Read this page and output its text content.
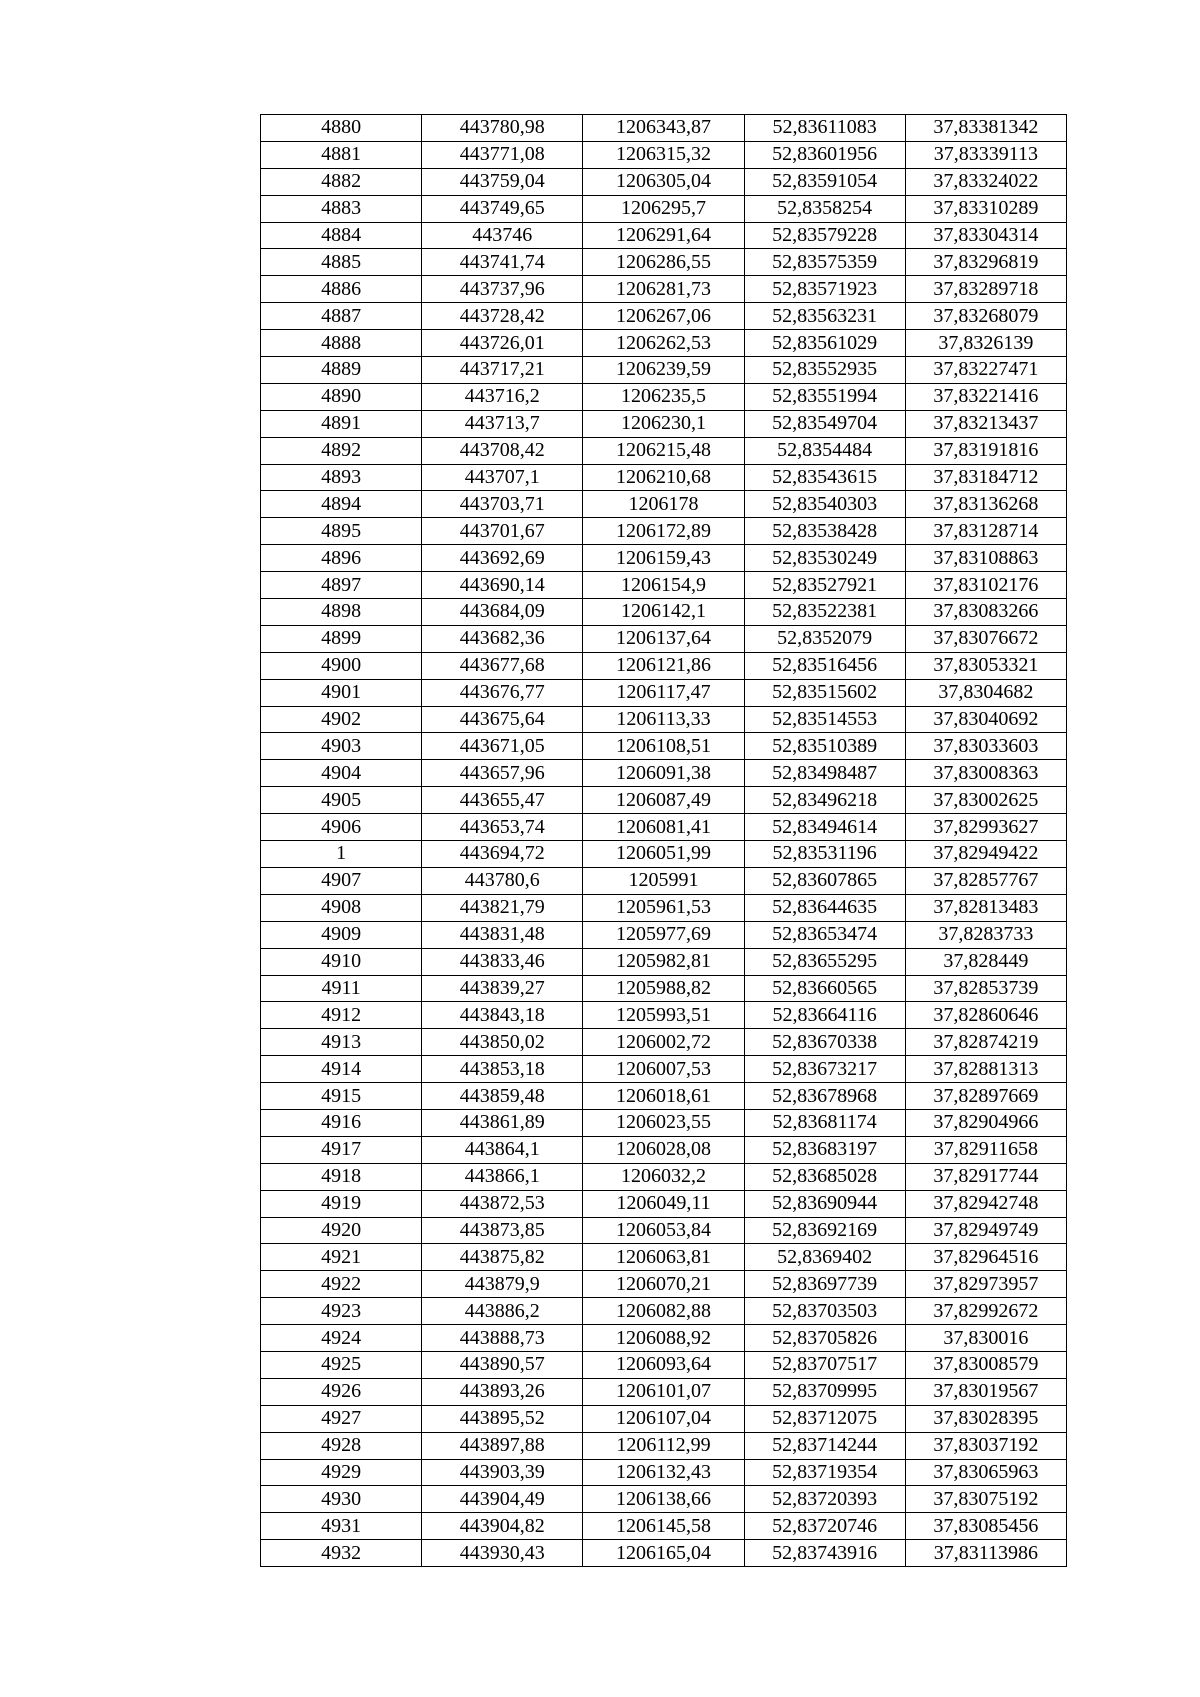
4880	443780,98	1206343,87	52,83611083	37,83381342
4881	443771,08	1206315,32	52,83601956	37,83339113
4882	443759,04	1206305,04	52,83591054	37,83324022
4883	443749,65	1206295,7	52,8358254	37,83310289
4884	443746	1206291,64	52,83579228	37,83304314
4885	443741,74	1206286,55	52,83575359	37,83296819
4886	443737,96	1206281,73	52,83571923	37,83289718
4887	443728,42	1206267,06	52,83563231	37,83268079
4888	443726,01	1206262,53	52,83561029	37,8326139
4889	443717,21	1206239,59	52,83552935	37,83227471
4890	443716,2	1206235,5	52,83551994	37,83221416
4891	443713,7	1206230,1	52,83549704	37,83213437
4892	443708,42	1206215,48	52,8354484	37,83191816
4893	443707,1	1206210,68	52,83543615	37,83184712
4894	443703,71	1206178	52,83540303	37,83136268
4895	443701,67	1206172,89	52,83538428	37,83128714
4896	443692,69	1206159,43	52,83530249	37,83108863
4897	443690,14	1206154,9	52,83527921	37,83102176
4898	443684,09	1206142,1	52,83522381	37,83083266
4899	443682,36	1206137,64	52,8352079	37,83076672
4900	443677,68	1206121,86	52,83516456	37,83053321
4901	443676,77	1206117,47	52,83515602	37,8304682
4902	443675,64	1206113,33	52,83514553	37,83040692
4903	443671,05	1206108,51	52,83510389	37,83033603
4904	443657,96	1206091,38	52,83498487	37,83008363
4905	443655,47	1206087,49	52,83496218	37,83002625
4906	443653,74	1206081,41	52,83494614	37,82993627
1	443694,72	1206051,99	52,83531196	37,82949422
4907	443780,6	1205991	52,83607865	37,82857767
4908	443821,79	1205961,53	52,83644635	37,82813483
4909	443831,48	1205977,69	52,83653474	37,8283733
4910	443833,46	1205982,81	52,83655295	37,828449
4911	443839,27	1205988,82	52,83660565	37,82853739
4912	443843,18	1205993,51	52,83664116	37,82860646
4913	443850,02	1206002,72	52,83670338	37,82874219
4914	443853,18	1206007,53	52,83673217	37,82881313
4915	443859,48	1206018,61	52,83678968	37,82897669
4916	443861,89	1206023,55	52,83681174	37,82904966
4917	443864,1	1206028,08	52,83683197	37,82911658
4918	443866,1	1206032,2	52,83685028	37,82917744
4919	443872,53	1206049,11	52,83690944	37,82942748
4920	443873,85	1206053,84	52,83692169	37,82949749
4921	443875,82	1206063,81	52,8369402	37,82964516
4922	443879,9	1206070,21	52,83697739	37,82973957
4923	443886,2	1206082,88	52,83703503	37,82992672
4924	443888,73	1206088,92	52,83705826	37,830016
4925	443890,57	1206093,64	52,83707517	37,83008579
4926	443893,26	1206101,07	52,83709995	37,83019567
4927	443895,52	1206107,04	52,83712075	37,83028395
4928	443897,88	1206112,99	52,83714244	37,83037192
4929	443903,39	1206132,43	52,83719354	37,83065963
4930	443904,49	1206138,66	52,83720393	37,83075192
4931	443904,82	1206145,58	52,83720746	37,83085456
4932	443930,43	1206165,04	52,83743916	37,83113986
